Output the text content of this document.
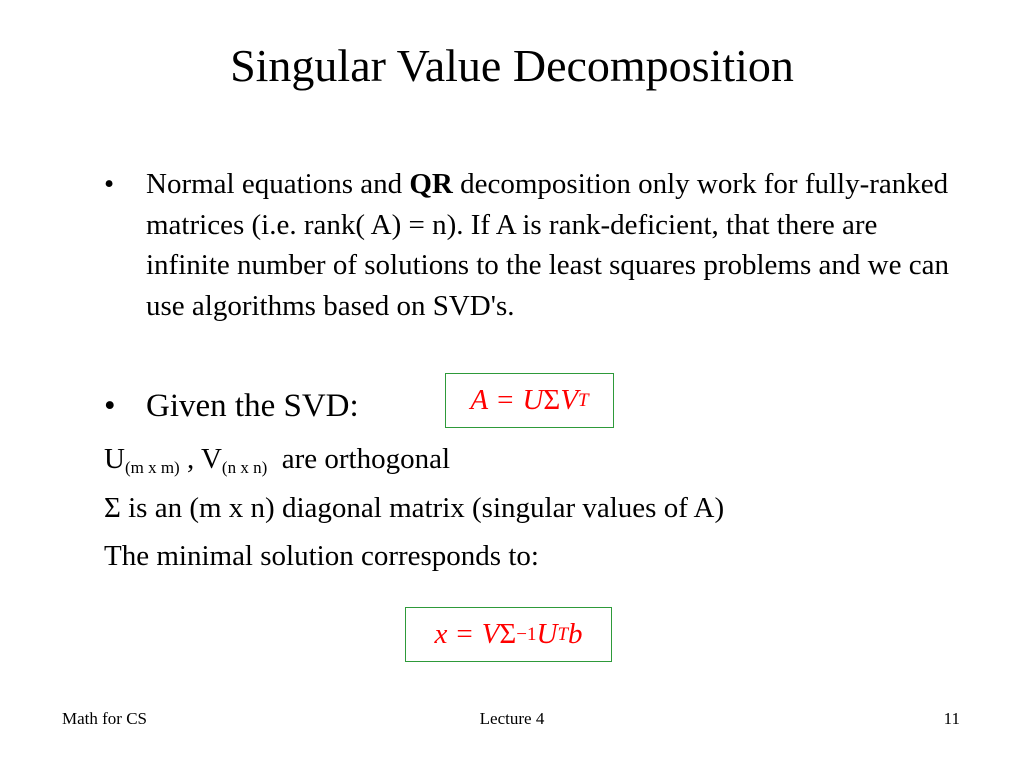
Singular Value Decomposition
•	Normal equations and QR decomposition only work for fully-ranked matrices (i.e. rank( A) = n). If A is rank-deficient, that there are infinite number of solutions to the least squares problems and we can use algorithms based on SVD's.
• Given the SVD:	A = U Σ V T
$U_{(m x m)}$ , $V_{(n x n)}$  are orthogonal
Σ is an (m x n) diagonal matrix (singular values of A)
The minimal solution corresponds to:
x = V Σ −1 U T b
Math for CS	Lecture 4	11
